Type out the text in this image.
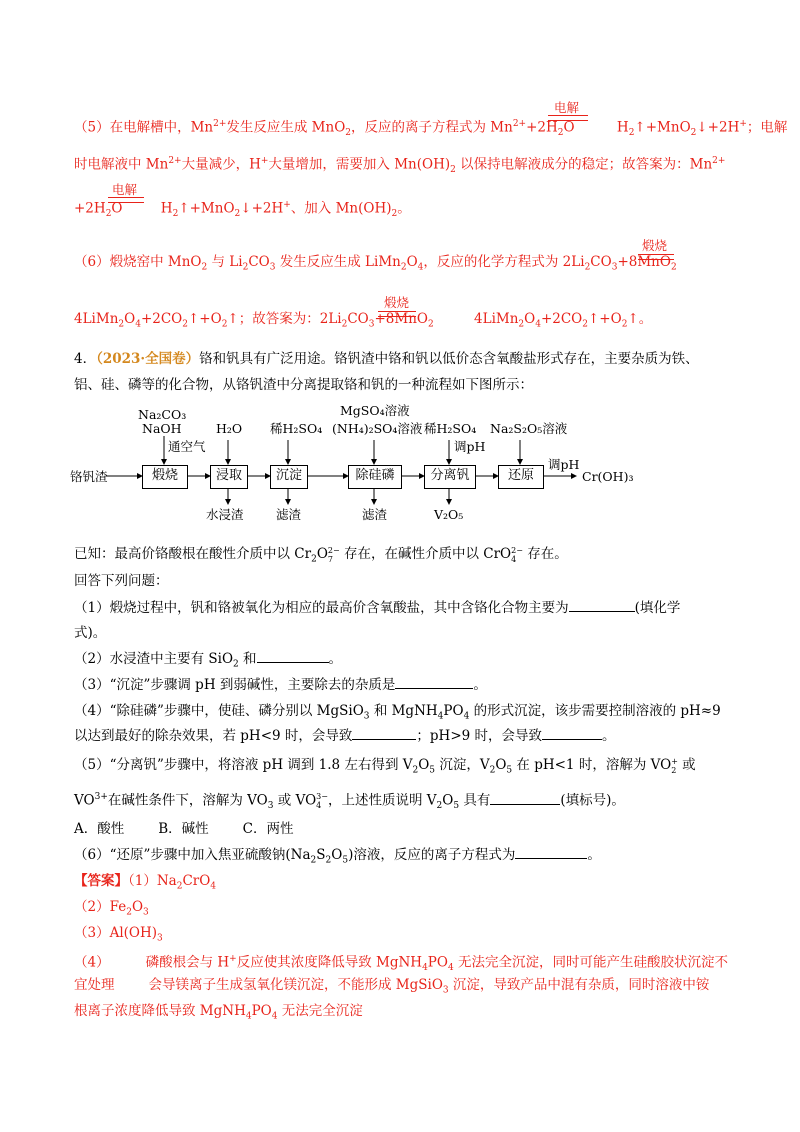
电解
（5）在电解槽中，$Mn^{2+}$发生反应生成 MnO$_2$，反应的离子方程式为 $Mn^{2+}+2H_2O$	$H_2↑+MnO_2↓+2H^+$；电解
时电解液中 $Mn^{2+}$大量减少，H+大量增加，需要加入 $Mn(OH)_2$ 以保持电解液成分的稳定；故答案为：$Mn^{2+}$
电解
$+2H_2O$	$H_2↑+MnO_2↓+2H^+$、加入 $Mn(OH)_2$。
煅烧
（6）煅烧窑中 MnO$_2$ 与 $Li_2CO_3$ 发生反应生成 $LiMn_2O_4$，反应的化学方程式为 $2Li_2CO_3+8MnO_2$
煅烧
$4LiMn_2O_4+2CO_2↑+O_2↑$；故答案为：$2Li_2CO_3+8MnO_2$	$4LiMn_2O_4+2CO_2↑+O_2↑$。
4．（2023·全国卷）铬和钒具有广泛用途。铬钒渣中铬和钒以低价态含氧酸盐形式存在，主要杂质为铁、
铝、硅、磷等的化合物，从铬钒渣中分离提取铬和钒的一种流程如下图所示：
铬钒渣	煅烧	浸取	沉淀	除硅磷	分离钒	还原
Na₂CO₃
NaOH
通空气
H₂O 稀H₂SO₄
MgSO₄溶液
(NH₄)₂SO₄溶液 稀H₂SO₄
调pH
Na₂S₂O₅溶液
调pH
Cr(OH)₃
水浸渣	滤渣	滤渣	V₂O₅
已知：最高价铬酸根在酸性介质中以 $Cr_2O$ 2−
7 存在，在碱性介质中以 CrO 2−
4 存在。
回答下列问题：
（1）煅烧过程中，钒和铬被氧化为相应的最高价含氧酸盐，其中含铬化合物主要为	(填化学
式)。
（2）水浸渣中主要有 SiO$_2$ 和	。
（3）“沉淀”步骤调 pH 到弱碱性，主要除去的杂质是	。
（4）“除硅磷”步骤中，使硅、磷分别以 MgSiO$_3$ 和 $MgNH_4PO_4$ 的形式沉淀，该步需要控制溶液的 pH≈9
以达到最好的除杂效果，若 pH<9 时，会导致	；pH>9 时，会导致	。
（5）“分离钒”步骤中，将溶液 pH 调到 1.8 左右得到 $V_2O_5$ 沉淀，$V_2O_5$ 在 pH<1 时，溶解为 VO +
2 或
$VO^{3+}$在碱性条件下，溶解为 $VO_3$ 或 VO 3−
4 ，上述性质说明 $V_2O_5$ 具有	(填标号)。
A．酸性	B．碱性	C．两性
（6）“还原”步骤中加入焦亚硫酸钠$(Na_2S_2O_5)$溶液，反应的离子方程式为	。
【答案】$(1)Na_2CrO_4$
$(2)Fe_2O_3$
$(3)Al(OH)_3$
（4）	磷酸根会与 H+反应使其浓度降低导致 $MgNH_4PO_4$ 无法完全沉淀，同时可能产生硅酸胶状沉淀不
宜处理	会导镁离子生成氢氧化镁沉淀，不能形成 MgSiO$_3$ 沉淀，导致产品中混有杂质，同时溶液中铵
根离子浓度降低导致 $MgNH_4PO_4$ 无法完全沉淀
